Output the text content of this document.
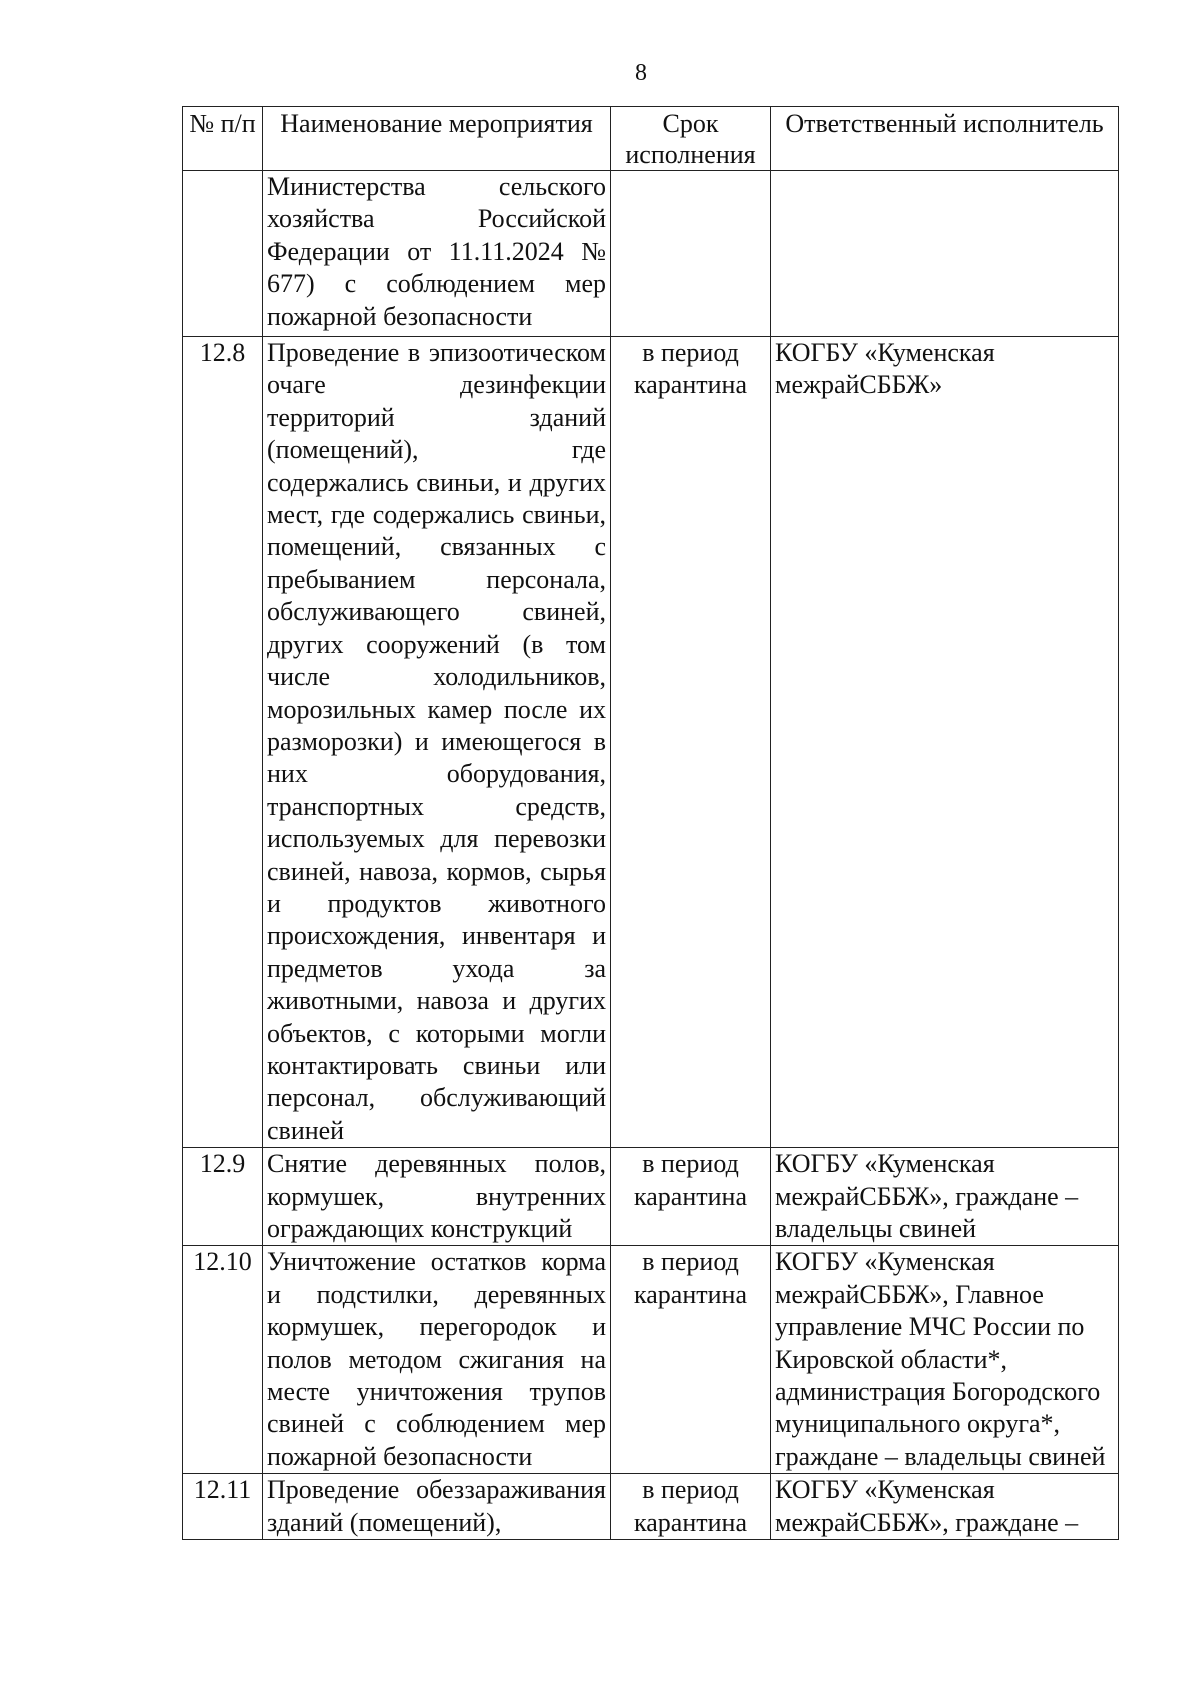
8
№ п/п	Наименование мероприятия	Срок исполнения	Ответственный исполнитель
	Министерства сельского хозяйства Российской Федерации от 11.11.2024 № 677) с соблюдением мер пожарной безопасности		
12.8	Проведение в эпизоотическом очаге дезинфекции территорий зданий (помещений), где содержались свиньи, и других мест, где содержались свиньи, помещений, связанных с пребыванием персонала, обслуживающего свиней, других сооружений (в том числе холодильников, морозильных камер после их разморозки) и имеющегося в них оборудования, транспортных средств, используемых для перевозки свиней, навоза, кормов, сырья и продуктов животного происхождения, инвентаря и предметов ухода за животными, навоза и других объектов, с которыми могли контактировать свиньи или персонал, обслуживающий свиней	в период карантина	КОГБУ «Куменская межрайСББЖ»
12.9	Снятие деревянных полов, кормушек, внутренних ограждающих конструкций	в период карантина	КОГБУ «Куменская межрайСББЖ», граждане – владельцы свиней
12.10	Уничтожение остатков корма и подстилки, деревянных кормушек, перегородок и полов методом сжигания на месте уничтожения трупов свиней с соблюдением мер пожарной безопасности	в период карантина	КОГБУ «Куменская межрайСББЖ», Главное управление МЧС России по Кировской области*, администрация Богородского муниципального округа*, граждане – владельцы свиней
12.11	Проведение обеззараживания зданий (помещений),	в период карантина	КОГБУ «Куменская межрайСББЖ», граждане –
